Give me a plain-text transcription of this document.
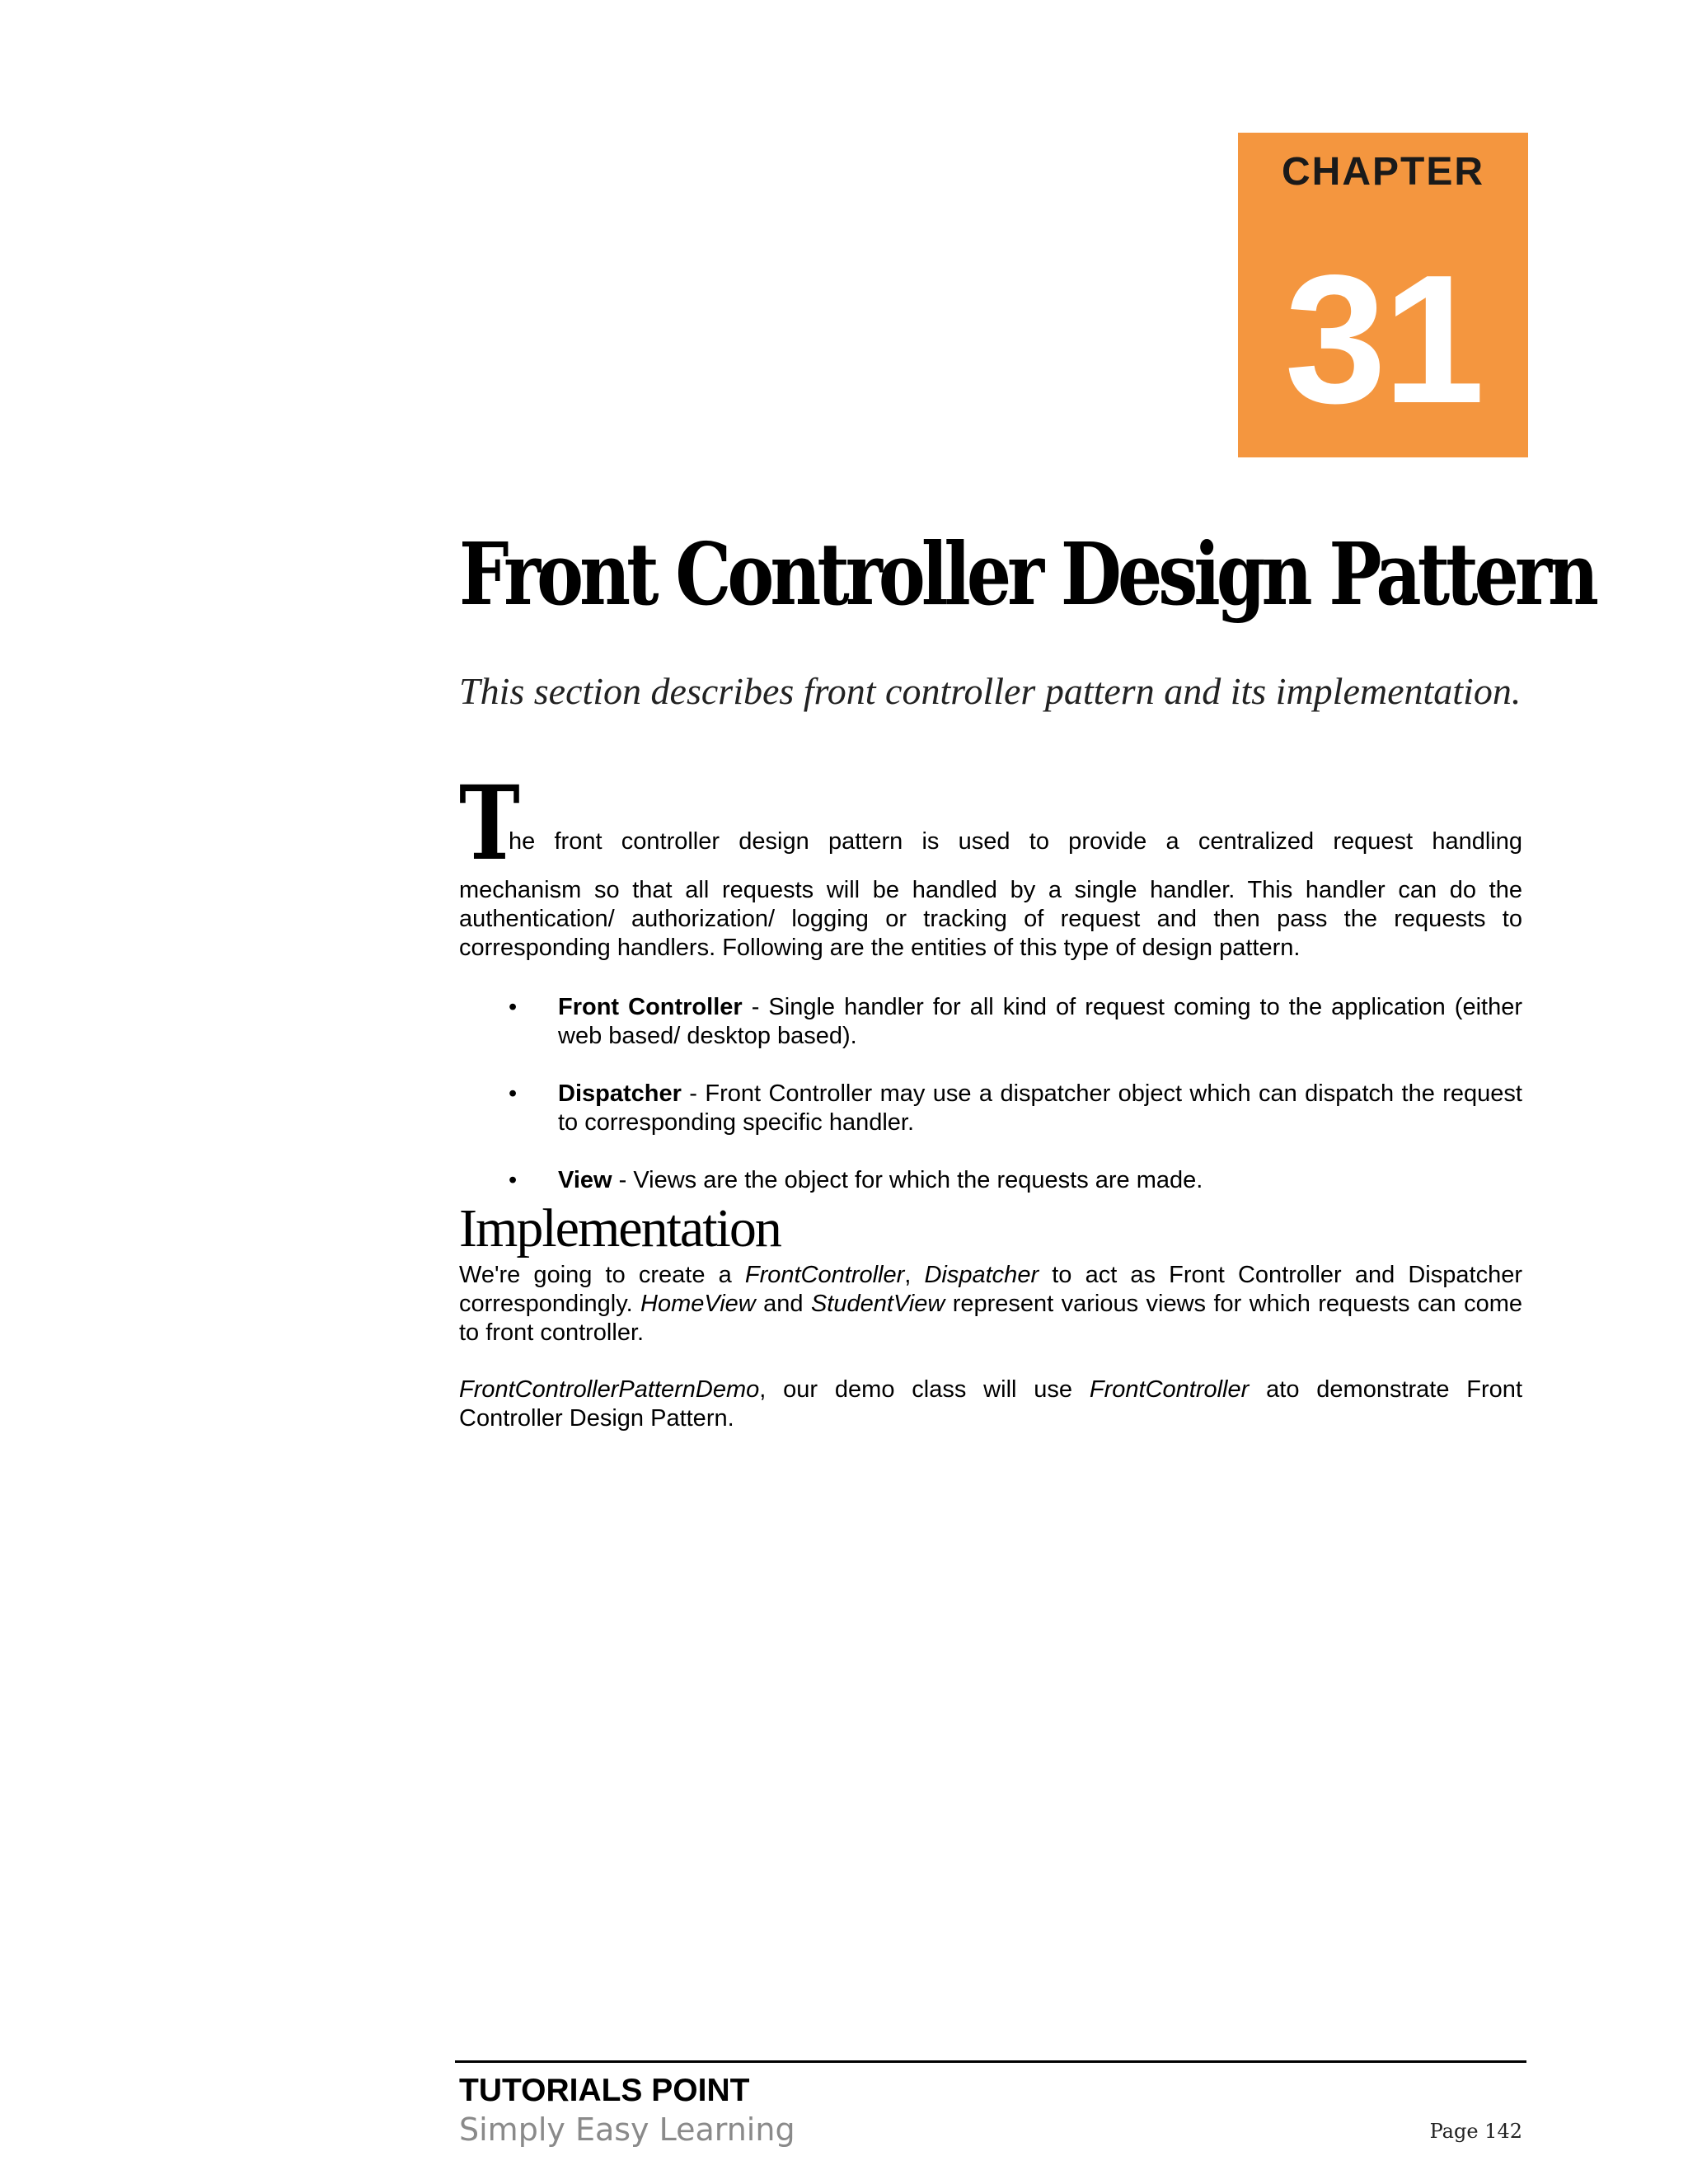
CHAPTER
31
Front Controller Design Pattern
This section describes front controller pattern and its implementation.
T
he front controller design pattern is used to provide a centralized request handling
mechanism so that all requests will be handled by a single handler. This handler can do the authentication/ authorization/ logging or tracking of request and then pass the requests to corresponding handlers. Following are the entities of this type of design pattern.
•	Front Controller - Single handler for all kind of request coming to the application (either web based/ desktop based).
•	Dispatcher - Front Controller may use a dispatcher object which can dispatch the request to corresponding specific handler.
•	View - Views are the object for which the requests are made.
Implementation
We're going to create a FrontController, Dispatcher to act as Front Controller and Dispatcher correspondingly. HomeView and StudentView represent various views for which requests can come to front controller.
FrontControllerPatternDemo, our demo class will use FrontController ato demonstrate Front Controller Design Pattern.
TUTORIALS POINT
Simply Easy Learning	Page 142
